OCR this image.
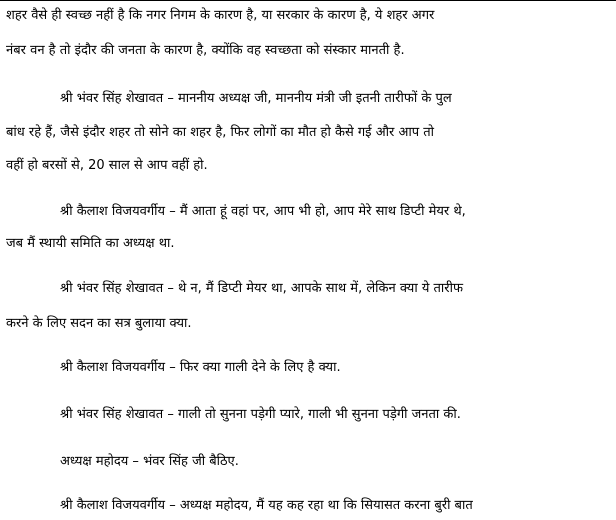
शहर वैसे ही स्वच्छ नहीं है कि नगर निगम के कारण है, या सरकार के कारण है, ये शहर अगर
नंबर वन है तो इंदौर की जनता के कारण है, क्योंकि वह स्वच्छता को संस्कार मानती है.
श्री भंवर सिंह शेखावत – माननीय अध्यक्ष जी, माननीय मंत्री जी इतनी तारीफों के पुल
बांध रहे हैं, जैसे इंदौर शहर तो सोने का शहर है, फिर लोगों का मौत हो कैसे गई और आप तो
वहीं हो बरसों से, 20 साल से आप वहीं हो.
श्री कैलाश विजयवर्गीय – मैं आता हूं वहां पर, आप भी हो, आप मेरे साथ डिप्टी मेयर थे,
जब मैं स्थायी समिति का अध्यक्ष था.
श्री भंवर सिंह शेखावत – थे न, मैं डिप्टी मेयर था, आपके साथ में, लेकिन क्या ये तारीफ
करने के लिए सदन का सत्र बुलाया क्या.
श्री कैलाश विजयवर्गीय – फिर क्या गाली देने के लिए है क्या.
श्री भंवर सिंह शेखावत – गाली तो सुनना पड़ेगी प्यारे, गाली भी सुनना पड़ेगी जनता की.
अध्यक्ष महोदय – भंवर सिंह जी बैठिए.
श्री कैलाश विजयवर्गीय – अध्यक्ष महोदय, मैं यह कह रहा था कि सियासत करना बुरी बात
